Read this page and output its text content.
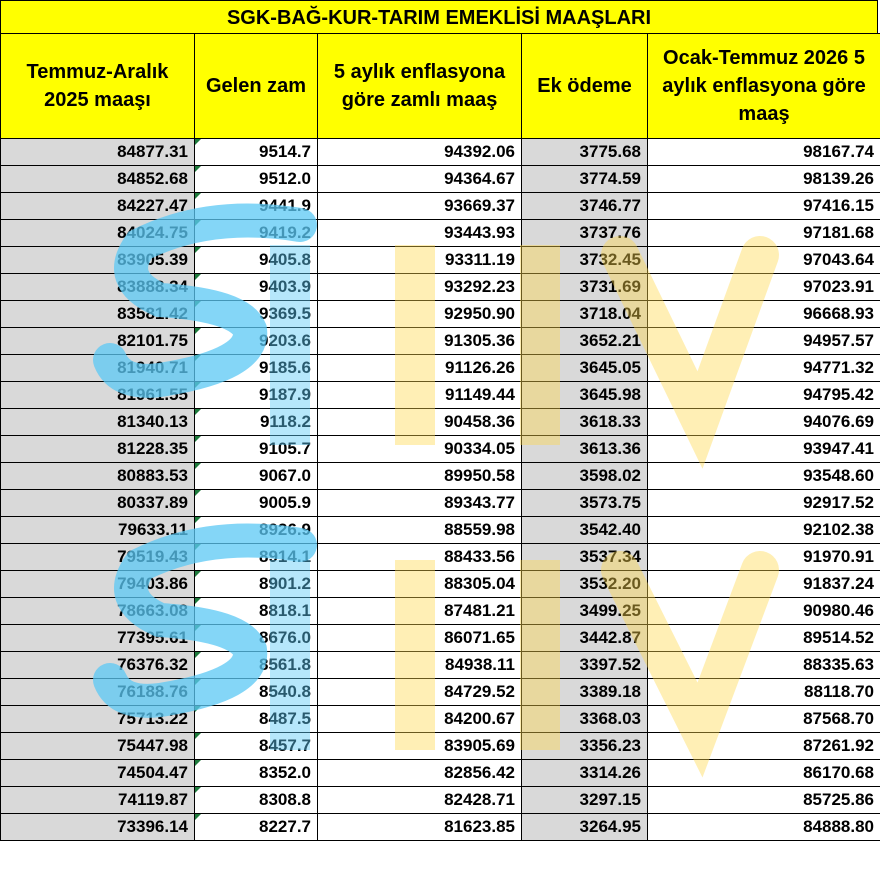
SGK-BAĞ-KUR-TARIM EMEKLİSİ MAAŞLARI
Temmuz-Aralık 2025 maaşı	Gelen zam	5 aylık enflasyona göre zamlı maaş	Ek ödeme	Ocak-Temmuz 2026 5 aylık enflasyona göre maaş
84877.31	9514.7	94392.06	3775.68	98167.74
84852.68	9512.0	94364.67	3774.59	98139.26
84227.47	9441.9	93669.37	3746.77	97416.15
84024.75	9419.2	93443.93	3737.76	97181.68
83905.39	9405.8	93311.19	3732.45	97043.64
83888.34	9403.9	93292.23	3731.69	97023.91
83581.42	9369.5	92950.90	3718.04	96668.93
82101.75	9203.6	91305.36	3652.21	94957.57
81940.71	9185.6	91126.26	3645.05	94771.32
81961.55	9187.9	91149.44	3645.98	94795.42
81340.13	9118.2	90458.36	3618.33	94076.69
81228.35	9105.7	90334.05	3613.36	93947.41
80883.53	9067.0	89950.58	3598.02	93548.60
80337.89	9005.9	89343.77	3573.75	92917.52
79633.11	8926.9	88559.98	3542.40	92102.38
79519.43	8914.1	88433.56	3537.34	91970.91
79403.86	8901.2	88305.04	3532.20	91837.24
78663.08	8818.1	87481.21	3499.25	90980.46
77395.61	8676.0	86071.65	3442.87	89514.52
76376.32	8561.8	84938.11	3397.52	88335.63
76188.76	8540.8	84729.52	3389.18	88118.70
75713.22	8487.5	84200.67	3368.03	87568.70
75447.98	8457.7	83905.69	3356.23	87261.92
74504.47	8352.0	82856.42	3314.26	86170.68
74119.87	8308.8	82428.71	3297.15	85725.86
73396.14	8227.7	81623.85	3264.95	84888.80
